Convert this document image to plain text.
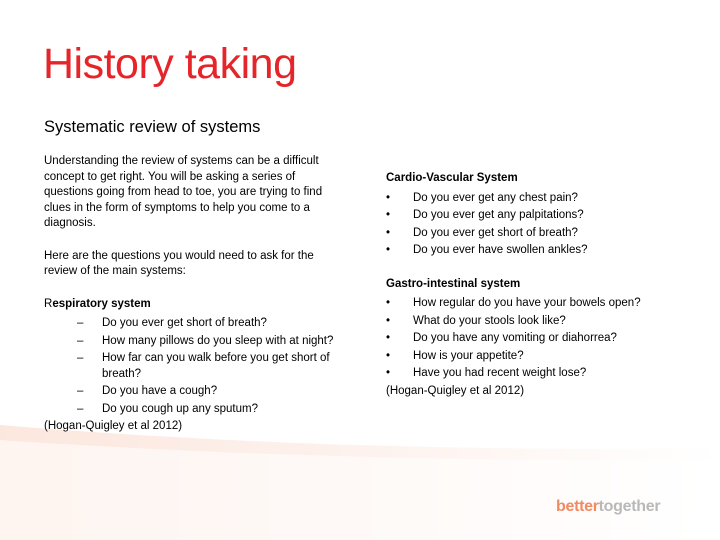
History taking
Systematic review of systems

Understanding the review of systems can be a difficult concept to get right. You will be asking a series of questions going from head to toe, you are trying to find clues in the form of symptoms to help you come to a diagnosis.

Here are the questions you would need to ask for the review of the main systems:

Respiratory system

– Do you ever get short of breath?
– How many pillows do you sleep with at night?
– How far can you walk before you get short of breath?
– Do you have a cough?
– Do you cough up any sputum?

(Hogan-Quigley et al 2012)

Cardio-Vascular System

• Do you ever get any chest pain?
• Do you ever get any palpitations?
• Do you ever get short of breath?
• Do you ever have swollen ankles?

Gastro-intestinal system

• How regular do you have your bowels open?
• What do your stools look like?
• Do you have any vomiting or diahorrea?
• How is your appetite?
• Have you had recent weight lose?

(Hogan-Quigley et al 2012)

bettertogether
